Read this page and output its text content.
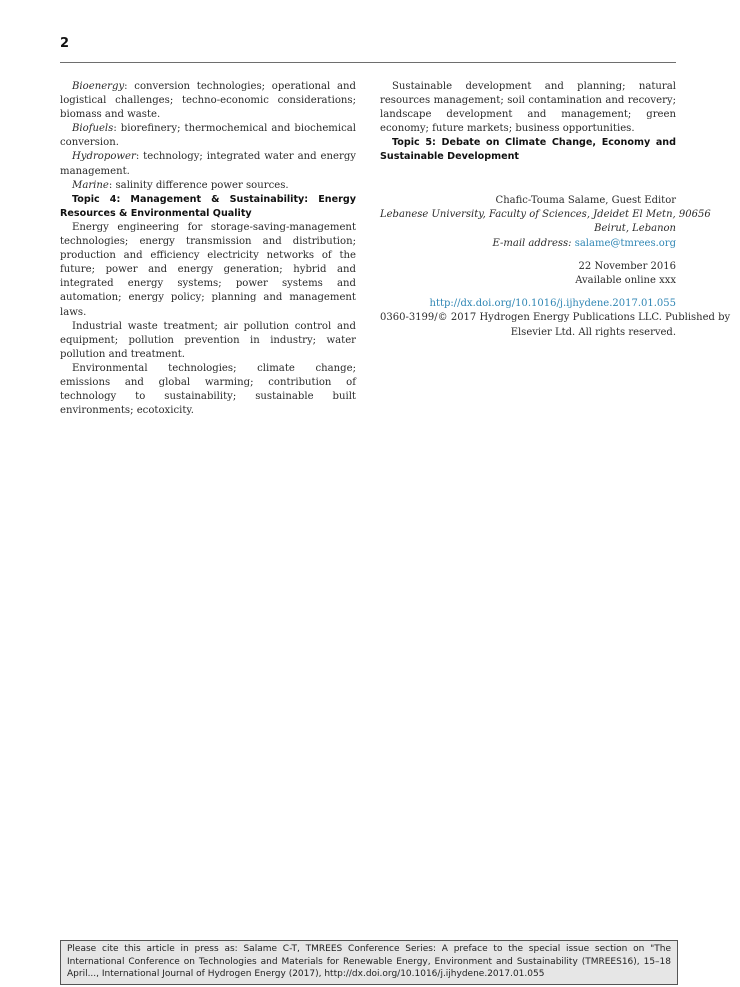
2

Bioenergy: conversion technologies; operational and logistical challenges; techno-economic considerations; biomass and waste.

Biofuels: biorefinery; thermochemical and biochemical conversion.

Hydropower: technology; integrated water and energy management.

Marine: salinity difference power sources.

Topic 4: Management & Sustainability: Energy Resources & Environmental Quality

Energy engineering for storage-saving-management technologies; energy transmission and distribution; production and efficiency electricity networks of the future; power and energy generation; hybrid and integrated energy systems; power systems and automation; energy policy; planning and management laws.

Industrial waste treatment; air pollution control and equipment; pollution prevention in industry; water pollution and treatment.

Environmental technologies; climate change; emissions and global warming; contribution of technology to sustainability; sustainable built environments; ecotoxicity.

Sustainable development and planning; natural resources management; soil contamination and recovery; landscape development and management; green economy; future markets; business opportunities.

Topic 5: Debate on Climate Change, Economy and Sustainable Development

Chafic-Touma Salame, Guest Editor
Lebanese University, Faculty of Sciences, Jdeidet El Metn, 90656
Beirut, Lebanon
E-mail address: salame@tmrees.org
22 November 2016
Available online xxx
http://dx.doi.org/10.1016/j.ijhydene.2017.01.055
0360-3199/© 2017 Hydrogen Energy Publications LLC. Published by
Elsevier Ltd. All rights reserved.
Please cite this article in press as: Salame C-T, TMREES Conference Series: A preface to the special issue section on "The International Conference on Technologies and Materials for Renewable Energy, Environment and Sustainability (TMREES16), 15–18 April..., International Journal of Hydrogen Energy (2017), http://dx.doi.org/10.1016/j.ijhydene.2017.01.055
